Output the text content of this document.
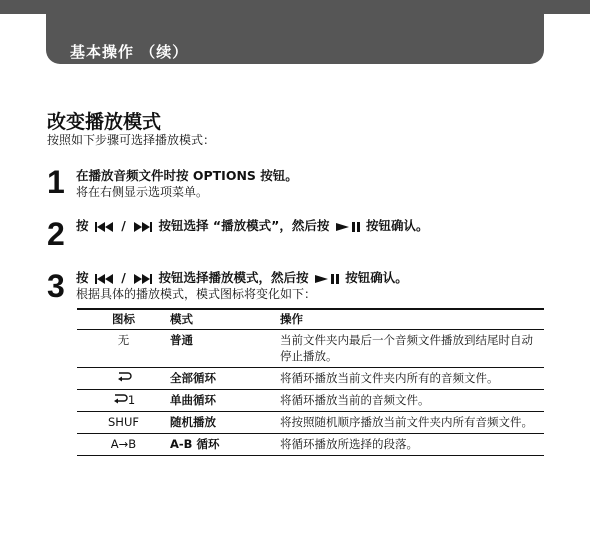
基本操作 （续）
改变播放模式
按照如下步骤可选择播放模式：
1 在播放音频文件时按 OPTIONS 按钮。
将在右侧显示选项菜单。
2 按	/	按钮选择 “播放模式”，然后按	按钮确认。
3 按	/	按钮选择播放模式，然后按	按钮确认。
根据具体的播放模式，模式图标将变化如下：
图标	模式	操作
无	普通	当前文件夹内最后一个音频文件播放到结尾时自动停止播放。
	全部循环	将循环播放当前文件夹内所有的音频文件。
1	单曲循环	将循环播放当前的音频文件。
SHUF	随机播放	将按照随机顺序播放当前文件夹内所有音频文件。
A→B	A-B 循环	将循环播放所选择的段落。
